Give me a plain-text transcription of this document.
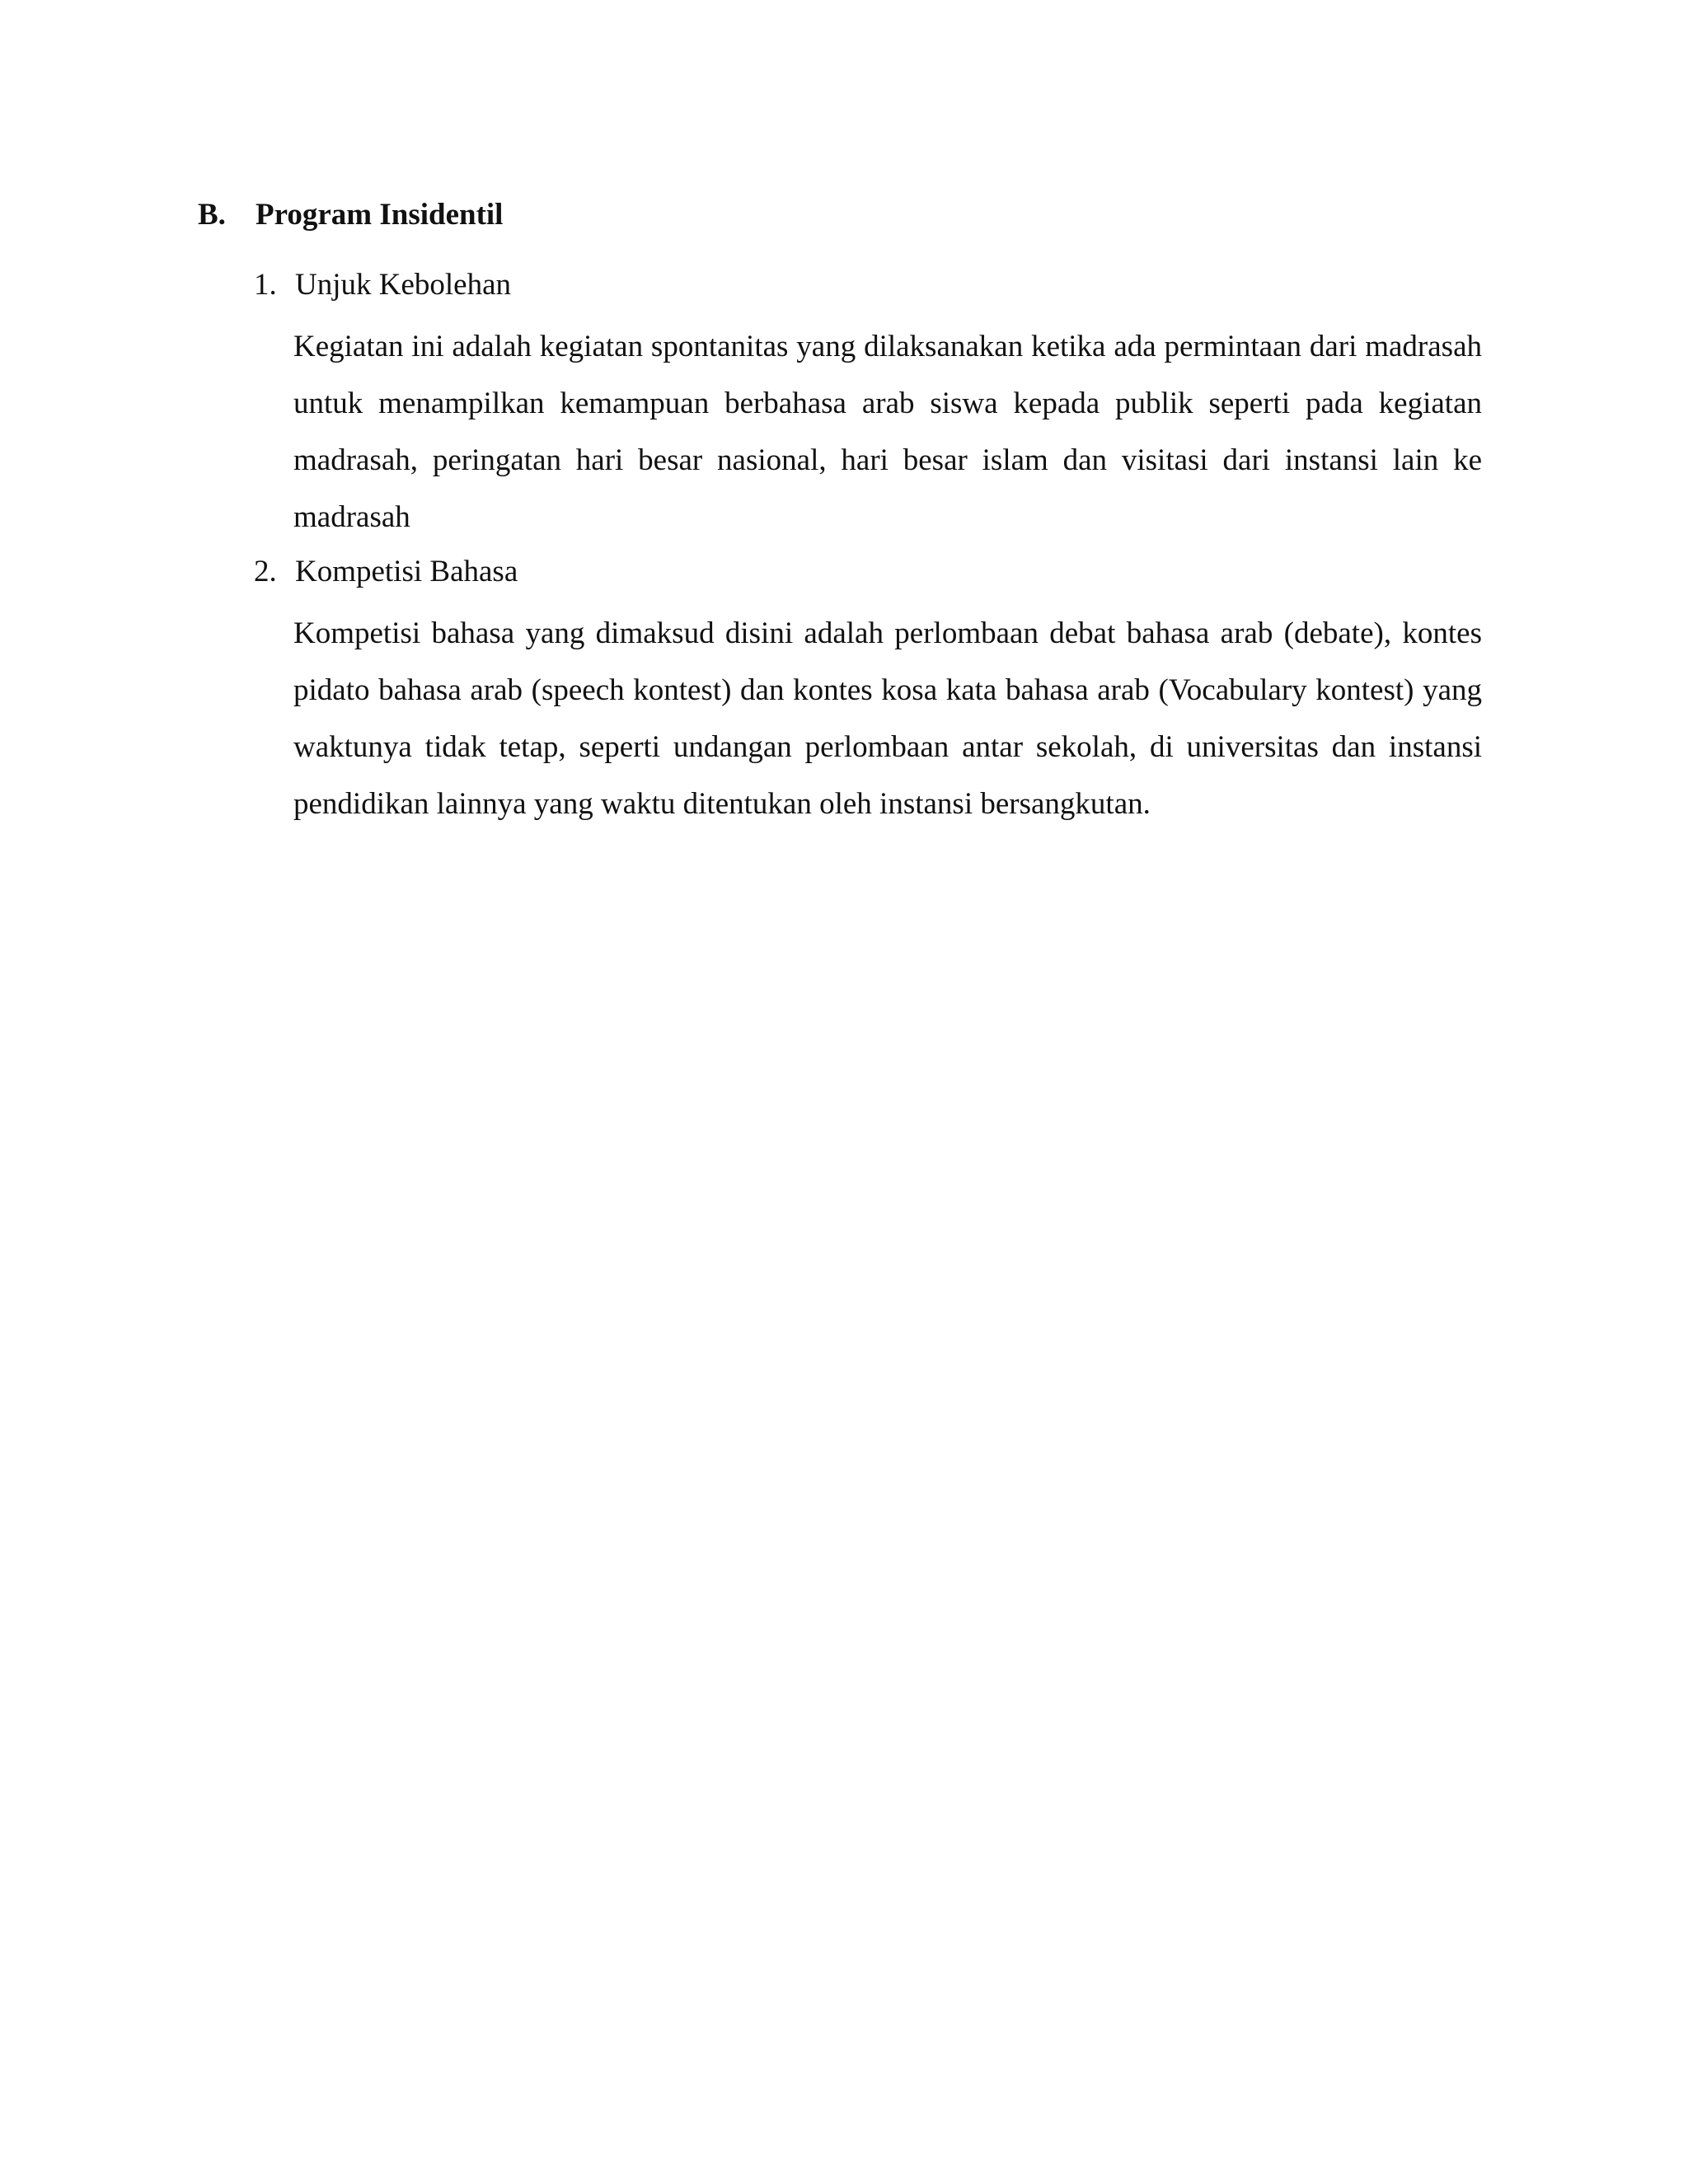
B. Program Insidentil
1. Unjuk Kebolehan
Kegiatan ini adalah kegiatan spontanitas yang dilaksanakan ketika ada permintaan dari madrasah untuk menampilkan kemampuan berbahasa arab siswa kepada publik seperti pada kegiatan madrasah, peringatan hari besar nasional, hari besar islam dan visitasi dari instansi lain ke madrasah
2. Kompetisi Bahasa
Kompetisi bahasa yang dimaksud disini adalah perlombaan debat bahasa arab (debate), kontes pidato bahasa arab (speech kontest) dan kontes kosa kata bahasa arab (Vocabulary kontest) yang waktunya tidak tetap, seperti undangan perlombaan antar sekolah, di universitas dan instansi pendidikan lainnya yang waktu ditentukan oleh instansi bersangkutan.
